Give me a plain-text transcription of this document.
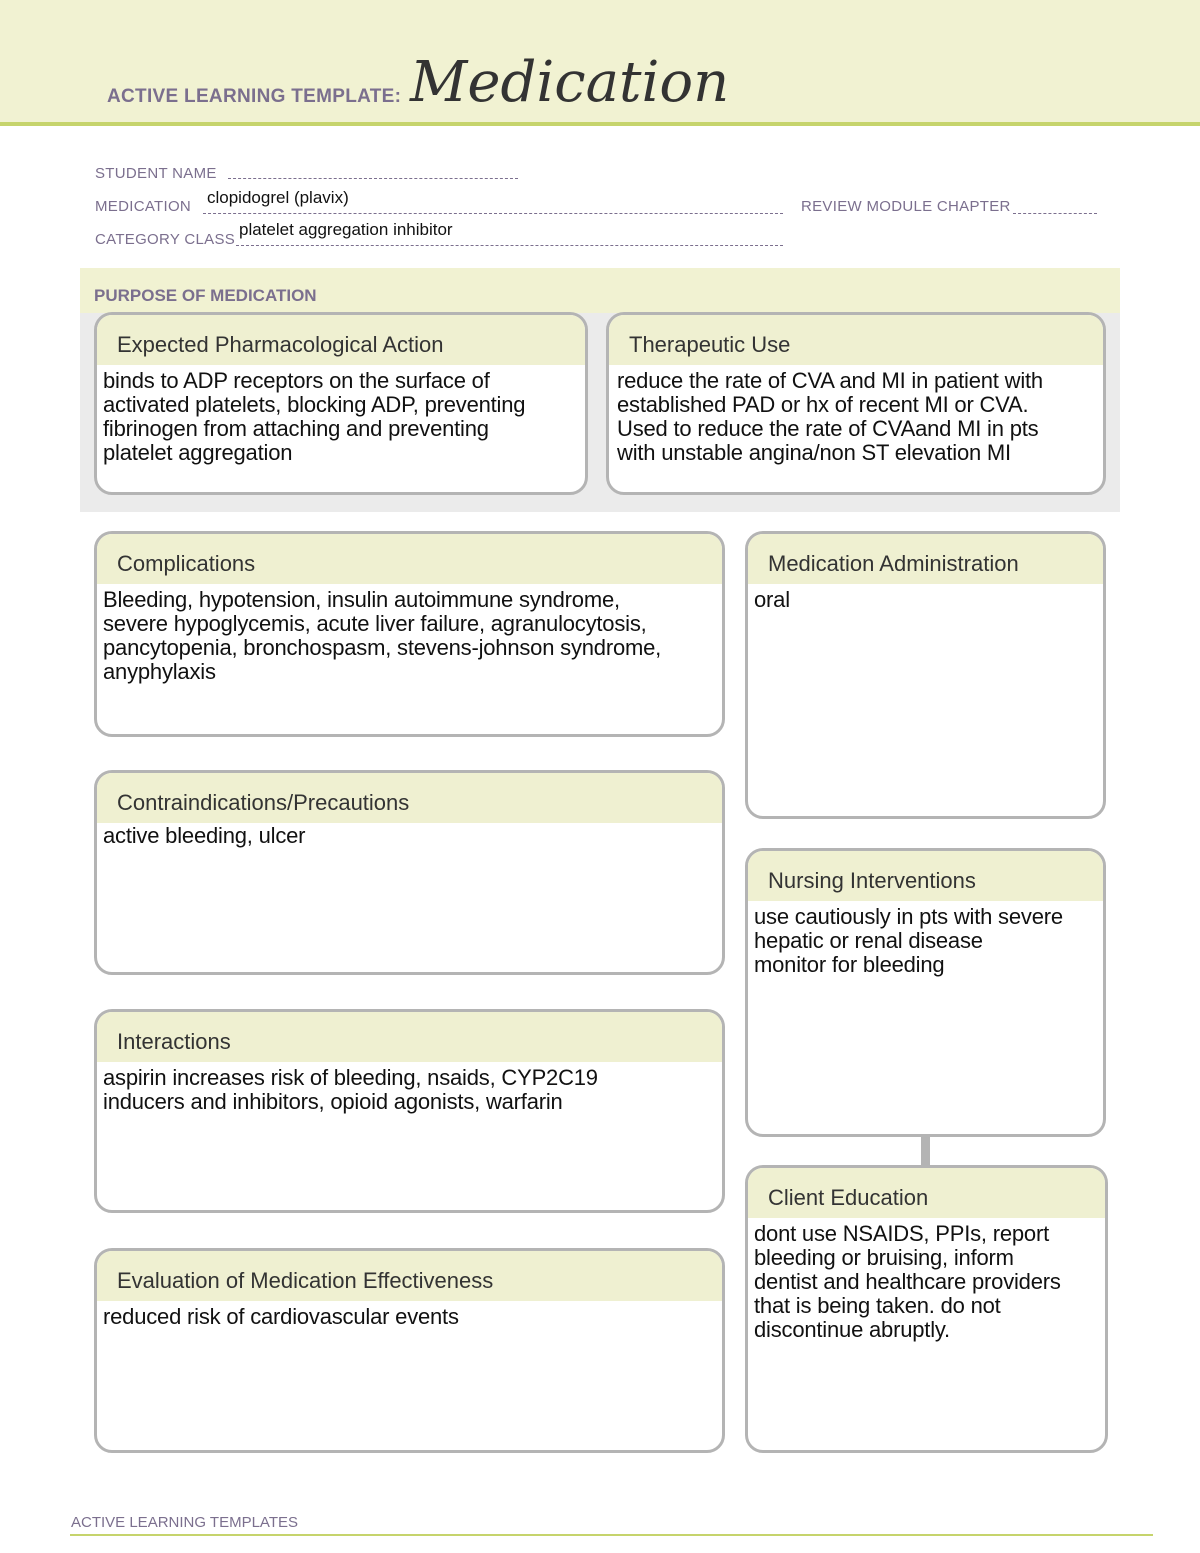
ACTIVE LEARNING TEMPLATE: Medication
STUDENT NAME
MEDICATION clopidogrel (plavix)	REVIEW MODULE CHAPTER
CATEGORY CLASS
platelet aggregation inhibitor
PURPOSE OF MEDICATION
Expected Pharmacological Action
binds to ADP receptors on the surface of
activated platelets, blocking ADP, preventing
fibrinogen from attaching and preventing
platelet aggregation
Therapeutic Use
reduce the rate of CVA and MI in patient with
established PAD or hx of recent MI or CVA.
Used to reduce the rate of CVAand MI in pts
with unstable angina/non ST elevation MI
Complications
Bleeding, hypotension, insulin autoimmune syndrome,
severe hypoglycemis, acute liver failure, agranulocytosis,
pancytopenia, bronchospasm, stevens-johnson syndrome,
anyphylaxis
Medication Administration
oral
Contraindications/Precautions
active bleeding, ulcer
Nursing Interventions
use cautiously in pts with severe
hepatic or renal disease
monitor for bleeding
Interactions
aspirin increases risk of bleeding, nsaids, CYP2C19
inducers and inhibitors, opioid agonists, warfarin
Client Education
dont use NSAIDS, PPIs, report
bleeding or bruising, inform
dentist and healthcare providers
that is being taken. do not
discontinue abruptly.
Evaluation of Medication Effectiveness
reduced risk of cardiovascular events
ACTIVE LEARNING TEMPLATES
